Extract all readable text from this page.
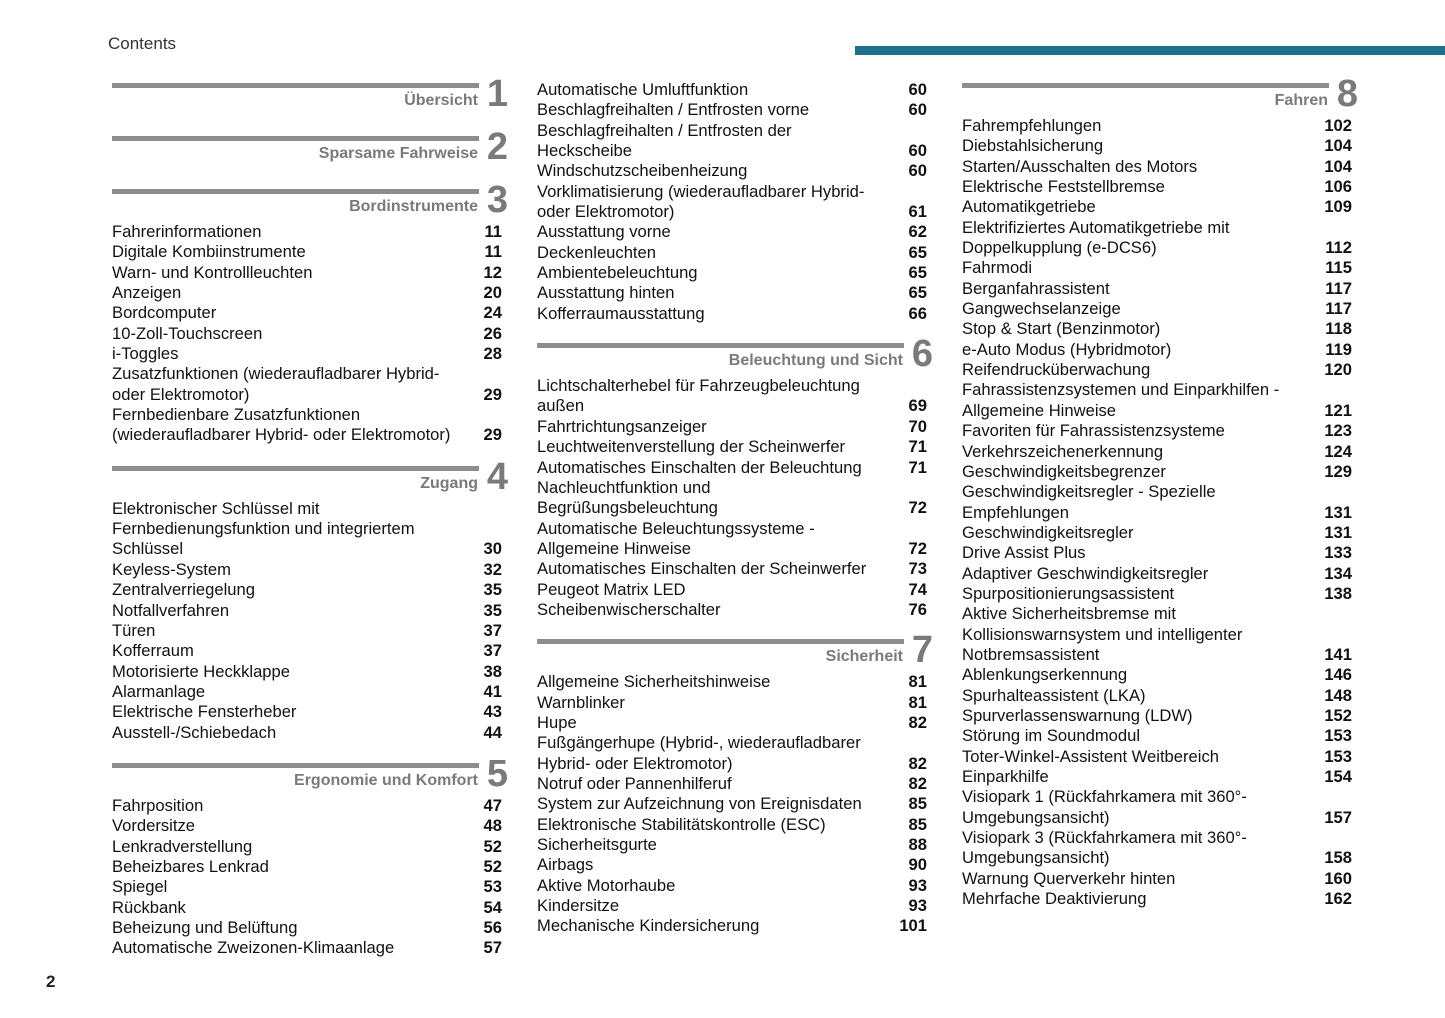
Contents
Übersicht 1
Sparsame Fahrweise 2
Bordinstrumente 3
Fahrerinformationen	11
Digitale Kombiinstrumente	11
Warn- und Kontrollleuchten	12
Anzeigen	20
Bordcomputer	24
10-Zoll-Touchscreen	26
i-Toggles	28
Zusatzfunktionen (wiederaufladbarer Hybrid- oder Elektromotor)	29
Fernbedienbare Zusatzfunktionen (wiederaufladbarer Hybrid- oder Elektromotor)	29
Zugang 4
Elektronischer Schlüssel mit Fernbedienungsfunktion und integriertem Schlüssel	30
Keyless-System	32
Zentralverriegelung	35
Notfallverfahren	35
Türen	37
Kofferraum	37
Motorisierte Heckklappe	38
Alarmanlage	41
Elektrische Fensterheber	43
Ausstell-/Schiebedach	44
Ergonomie und Komfort 5
Fahrposition	47
Vordersitze	48
Lenkradverstellung	52
Beheizbares Lenkrad	52
Spiegel	53
Rückbank	54
Beheizung und Belüftung	56
Automatische Zweizonen-Klimaanlage	57
Automatische Umluftfunktion	60
Beschlagfreihalten / Entfrosten vorne	60
Beschlagfreihalten / Entfrosten der Heckscheibe	60
Windschutzscheibenheizung	60
Vorklimatisierung (wiederaufladbarer Hybrid- oder Elektromotor)	61
Ausstattung vorne	62
Deckenleuchten	65
Ambientebeleuchtung	65
Ausstattung hinten	65
Kofferraumausstattung	66
Beleuchtung und Sicht 6
Lichtschalterhebel für Fahrzeugbeleuchtung außen	69
Fahrtrichtungsanzeiger	70
Leuchtweitenverstellung der Scheinwerfer	71
Automatisches Einschalten der Beleuchtung	71
Nachleuchtfunktion und Begrüßungsbeleuchtung	72
Automatische Beleuchtungssysteme - Allgemeine Hinweise	72
Automatisches Einschalten der Scheinwerfer	73
Peugeot Matrix LED	74
Scheibenwischerschalter	76
Sicherheit 7
Allgemeine Sicherheitshinweise	81
Warnblinker	81
Hupe	82
Fußgängerhupe (Hybrid-, wiederaufladbarer Hybrid- oder Elektromotor)	82
Notruf oder Pannenhilferuf	82
System zur Aufzeichnung von Ereignisdaten	85
Elektronische Stabilitätskontrolle (ESC)	85
Sicherheitsgurte	88
Airbags	90
Aktive Motorhaube	93
Kindersitze	93
Mechanische Kindersicherung	101
Fahren 8
Fahrempfehlungen	102
Diebstahlsicherung	104
Starten/Ausschalten des Motors	104
Elektrische Feststellbremse	106
Automatikgetriebe	109
Elektrifiziertes Automatikgetriebe mit Doppelkupplung (e-DCS6)	112
Fahrmodi	115
Berganfahrassistent	117
Gangwechselanzeige	117
Stop & Start (Benzinmotor)	118
e-Auto Modus (Hybridmotor)	119
Reifendrucküberwachung	120
Fahrassistenzsystemen und Einparkhilfen - Allgemeine Hinweise	121
Favoriten für Fahrassistenzsysteme	123
Verkehrszeichenerkennung	124
Geschwindigkeitsbegrenzer	129
Geschwindigkeitsregler - Spezielle Empfehlungen	131
Geschwindigkeitsregler	131
Drive Assist Plus	133
Adaptiver Geschwindigkeitsregler	134
Spurpositionierungsassistent	138
Aktive Sicherheitsbremse mit Kollisionswarnsystem und intelligenter Notbremsassistent	141
Ablenkungserkennung	146
Spurhalteassistent (LKA)	148
Spurverlassenswarnung (LDW)	152
Störung im Soundmodul	153
Toter-Winkel-Assistent Weitbereich	153
Einparkhilfe	154
Visiopark 1 (Rückfahrkamera mit 360°- Umgebungsansicht)	157
Visiopark 3 (Rückfahrkamera mit 360°- Umgebungsansicht)	158
Warnung Querverkehr hinten	160
Mehrfache Deaktivierung	162
2
